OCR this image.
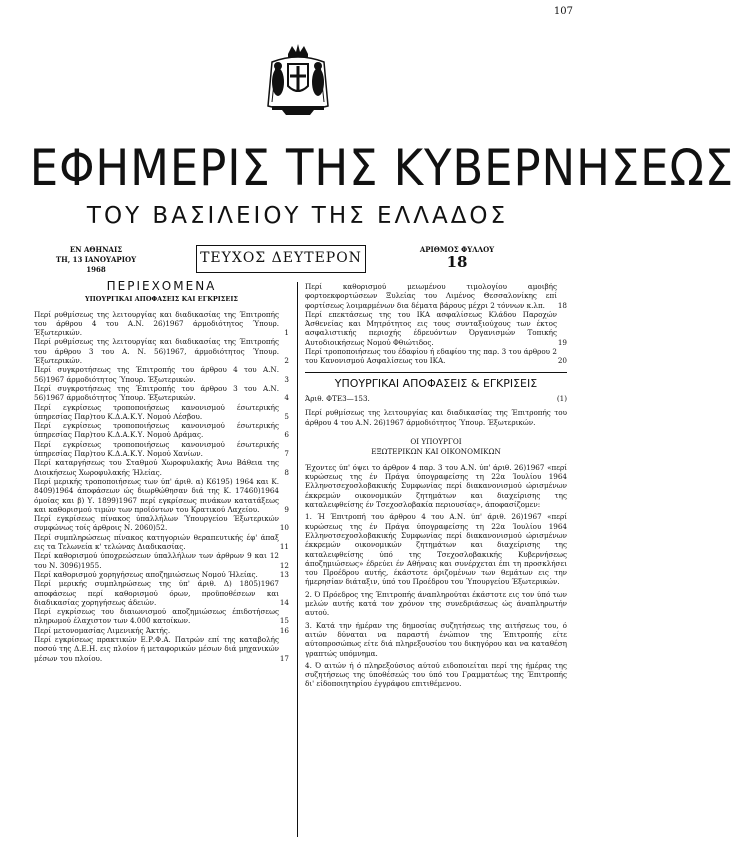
107
ΕΦΗΜΕΡΙΣ ΤΗΣ ΚΥΒΕΡΝΗΣΕΩΣ
ΤΟΥ ΒΑΣΙΛΕΙΟΥ ΤΗΣ ΕΛΛΑΔΟΣ
ΕΝ ΑΘΗΝΑΙΣ
ΤΗ, 13 ΙΑΝΟΥΑΡΙΟΥ 1968
ΤΕΥΧΟΣ ΔΕΥΤΕΡΟΝ
ΑΡΙΘΜΟΣ ΦΥΛΛΟΥ
18
ΠΕΡΙΕΧΟΜΕΝΑ
ΥΠΟΥΡΓΙΚΑΙ ΑΠΟΦΑΣΕΙΣ ΚΑΙ ΕΓΚΡΙΣΕΙΣ

Περί ρυθμίσεως της λειτουργίας και διαδικασίας της Έπιτροπής του άρθρου 4 του Α.Ν. 26)1967 άρμοδιότητος Ύπουρ. Έξωτερικών.	1

Περί ρυθμίσεως της λειτουργίας και διαδικασίας της Έπιτροπής του άρθρου 3 του Α. Ν. 56)1967, άρμοδιότητος Ύπουρ. Έξωτερικών.	2

Περί συγκροτήσεως της Έπιτροπής του άρθρου 4 του Α.Ν. 56)1967 άρμοδιότητος Ύπουρ. Έξωτερικών.	3

Περί συγκροτήσεως της Έπιτροπής του άρθρου 3 του Α.Ν. 56)1967 άρμοδιότητος Ύπουρ. Έξωτερικών.	4

Περί εγκρίσεως τροποποιήσεως κανονισμού έσωτερικής ύπηρεσίας Παρ)του Κ.Δ.Α.Κ.Υ. Νομού Λέσβου.	5

Περί εγκρίσεως τροποποιήσεως κανονισμού έσωτερικής ύπηρεσίας Παρ)του Κ.Δ.Α.Κ.Υ. Νομού Δράμας.	6

Περί εγκρίσεως τροποποιήσεως κανονισμού έσωτερικής ύπηρεσίας Παρ)του Κ.Δ.Α.Κ.Υ. Νομού Χανίων.	7

Περί καταργήσεως του Σταθμού Χωροφυλακής Άνω Βάθεια της Διοικήσεως Χωροφυλακής Ήλείας.	8

Περί μερικής τροποποιήσεως των ύπ' άριθ. α) Κ6195) 1964 και Κ. 8409)1964 άποφάσεων ώς διωρθώθησαν διά της Κ. 17460)1964 όμοίας και β) Υ. 1899)1967 περί εγκρίσεως πινάκων κατατάξεως και καθορισμού τιμών των προϊόντων του Κρατικού Λαχείου.	9

Περί εγκρίσεως πίνακος ύπαλλήλων Ύπουργείου Έξωτερικών συμφώνως τοίς άρθροις Ν. 2060)52.	10

Περί συμπληρώσεως πίνακος κατηγοριών θεραπευτικής έφ' άπαξ εις τα Τελωνεία κ' τελώνας Διαδικασίας.	11

Περί καθορισμού ύποχρεώσεων ύπαλλήλων των άρθρων 9 και 12 του Ν. 3096)1955.	12

Περί καθορισμού χορηγήσεως αποζημιώσεως Νομού Ήλείας.	13

Περί μερικής συμπληρώσεως της ύπ' άριθ. Δ) 1805)1967 αποφάσεως περί καθορισμού όρων, προϋποθέσεων και διαδικασίας χορηγήσεως άδειών.	14

Περί εγκρίσεως του διαιωνισμού αποζημιώσεως έπιδοτήσεως πληρωμού έλαχιστον των 4.000 κατοίκων.	15

Περί μετονομασίας Λιμενικής Άκτής.	16

Περί εγκρίσεως πρακτικών Ε.Ρ.Φ.Α. Πατρών επί της καταβολής ποσού της Δ.Ε.Η. εις πλοίον ή μεταφορικών μέσων διά μηχανικών μέσων του πλοίου.	17

Περί καθορισμού μειωμένου τιμολογίου αμοιβής φορτοεκφορτώσεων Ξυλείας του Λιμένος Θεσσαλονίκης επί φορτίσεως λοιμαρμένων δια δέματα βάρους μέχρι 2 τόννων κ.λπ. 18

Περί επεκτάσεως της του ΙΚΑ ασφαλίσεως Κλάδου Παροχών Άσθενείας και Μητρότητος εις τους συνταξιούχους των έκτος ασφαλιστικής περιοχής έδρευόντων Όργανισμών Τοπικής Αυτοδιοικήσεως Νομού Φθιώτιδος.	19

Περί τροποποιήσεως του έδαφίου ή εδαφίου της παρ. 3 του άρθρου 2 του Κανονισμού Ασφαλίσεως του ΙΚΑ.	20

ΥΠΟΥΡΓΙΚΑΙ ΑΠΟΦΑΣΕΙΣ & ΕΓΚΡΙΣΕΙΣ
Άριθ. ΦΤΕ3—153.	(1)

Περί ρυθμίσεως της λειτουργίας και διαδικασίας της Έπιτροπής του άρθρου 4 του Α.Ν. 26)1967 άρμοδιότητος Ύπουρ. Έξωτερικών.

ΟΙ ΥΠΟΥΡΓΟΙ
ΕΞΩΤΕΡΙΚΩΝ ΚΑΙ ΟΙΚΟΝΟΜΙΚΩΝ

Έχοντες ύπ' όψει το άρθρον 4 παρ. 3 του Α.Ν. ύπ' άριθ. 26)1967 «περί κυρώσεως της έν Πράγα ύπογραφείσης τη 22α Ίουλίου 1964 Ελληνοτσεχοσλοβακικής Συμφωνίας περί διακανονισμού ώρισμένων έκκρεμών οικονομικών ζητημάτων και διαχείρισης της καταλειφθείσης έν Τσεχοσλοβακία περιουσίας», άποφασίζομεν:

1. Ή Έπιτροπή του άρθρου 4 του Α.Ν. ύπ' άριθ. 26)1967 «περί κυρώσεως της έν Πράγα ύπογραφείσης τη 22α Ίουλίου 1964 Ελληνοτσεχοσλοβακικής Συμφωνίας περί διακανονισμού ώρισμένων έκκρεμών οικονομικών ζητημάτων και διαχείρισης της καταλειφθείσης ύπό της Τσεχοσλοβακικής Κυβερνήσεως άποζημιώσεως» έδρεύει έν Αθήναις και συνέρχεται έπι τη προσκλήσει του Προέδρου αυτής, έκάστοτε όριζομένων των θεμάτων εις την ήμερησίαν διάταξιν, ύπό του Προέδρου του Ύπουργείου Έξωτερικών.

2. Ό Πρόεδρος της Έπιτροπής άναπληρούται έκάστοτε εις τον ύπό των μελών αυτής κατά τον χρόνον της συνεδριάσεως ώς άναπληρωτήν αυτού.

3. Κατά την ήμέραν της δημοσίας συζητήσεως της αιτήσεως του, ό αιτών δύναται να παραστή ένώπιον της Έπιτροπής είτε αύτοπροσώπως είτε διά πληρεξουσίου του δικηγόρου και να καταθέση γραπτώς υπόμνημα.

4. Ό αιτών ή ό πληρεξούσιος αύτού ειδοποιείται περί της ήμέρας της συζητήσεως της ύποθέσεώς του ύπό του Γραμματέως της Έπιτροπής δι' είδοποιητηρίου έγγράφου επιτιθέμενου.
